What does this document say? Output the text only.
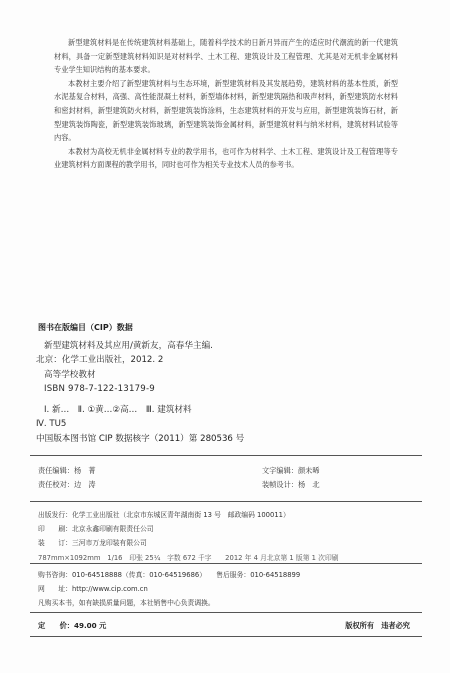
新型建筑材料是在传统建筑材料基础上，随着科学技术的日新月异而产生的适应时代潮流的新一代建筑材料，具备一定新型建筑材料知识是对材料学、土木工程、建筑设计及工程管理、尤其是对无机非金属材料专业学生知识结构的基本要求。

本教材主要介绍了新型建筑材料与生态环境，新型建筑材料及其发展趋势，建筑材料的基本性质，新型水泥基复合材料，高强、高性能混凝土材料，新型墙体材料，新型建筑隔热和吸声材料，新型建筑防水材料和密封材料，新型建筑防火材料，新型建筑装饰涂料，生态建筑材料的开发与应用，新型建筑装饰石材，新型建筑装饰陶瓷，新型建筑装饰玻璃，新型建筑装饰金属材料，新型建筑材料与纳米材料，建筑材料试验等内容。

本教材为高校无机非金属材料专业的教学用书，也可作为材料学、土木工程、建筑设计及工程管理等专业建筑材料方面课程的教学用书，同时也可作为相关专业技术人员的参考书。

图书在版编目（CIP）数据
新型建筑材料及其应用/黄新友，高春华主编.
北京：化学工业出版社，2012. 2
高等学校教材
ISBN 978-7-122-13179-9
Ⅰ. 新…　Ⅱ. ①黄…②高…　Ⅲ. 建筑材料
Ⅳ. TU5
中国版本图书馆 CIP 数据核字（2011）第 280536 号
责任编辑：杨　菁	文字编辑：颜未晞
责任校对：边　涛	装帧设计：杨　北
出版发行：化学工业出版社（北京市东城区青年湖南街 13 号　邮政编码 100011）
印　　刷：北京永鑫印刷有限责任公司
装　　订：三河市万龙印装有限公司
787mm×1092mm　1/16　印张 25¼　字数 672 千字　　2012 年 4 月北京第 1 版第 1 次印刷
购书咨询：010-64518888（传真：010-64519686）　　售后服务：010-64518899
网　　址：http://www.cip.com.cn
凡购买本书，如有缺损质量问题，本社销售中心负责调换。
定　　价：49.00 元	版权所有　违者必究
